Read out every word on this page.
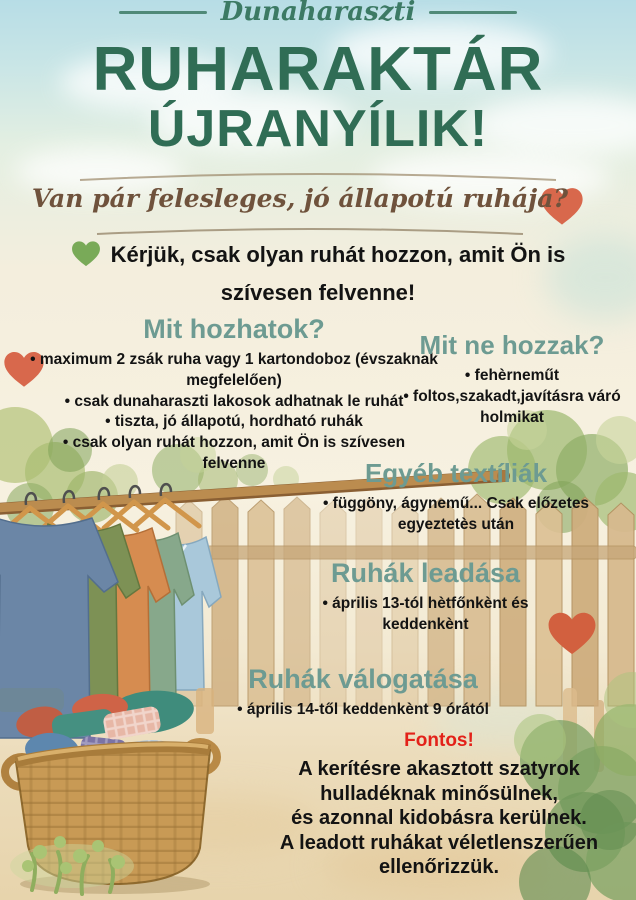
Dunaharaszti
RUHARAKTÁR
ÚJRANYÍLIK!
Van pár felesleges, jó állapotú ruhája?
Kérjük, csak olyan ruhát hozzon, amit Ön is
szívesen felvenne!
Mit hozhatok?
• maximum 2 zsák ruha vagy 1 kartondoboz (évszaknak megfelelően)
• csak dunaharaszti lakosok adhatnak le ruhát
• tiszta, jó állapotú, hordható ruhák
• csak olyan ruhát hozzon, amit Ön is szívesen felvenne
Mit ne hozzak?
• fehèrneműt
• foltos,szakadt,javításra váró holmikat
Egyéb textíliák
• függöny, ágynemű... Csak előzetes egyeztetès után
Ruhák leadása
• április 13-tól hètfőnkènt és keddenkènt
Ruhák válogatása
• április 14-től keddenkènt 9 órától
Fontos!
A kerítésre akasztott szatyrok
hulladéknak minősülnek,
és azonnal kidobásra kerülnek.
A leadott ruhákat véletlenszerűen
ellenőrizzük.
